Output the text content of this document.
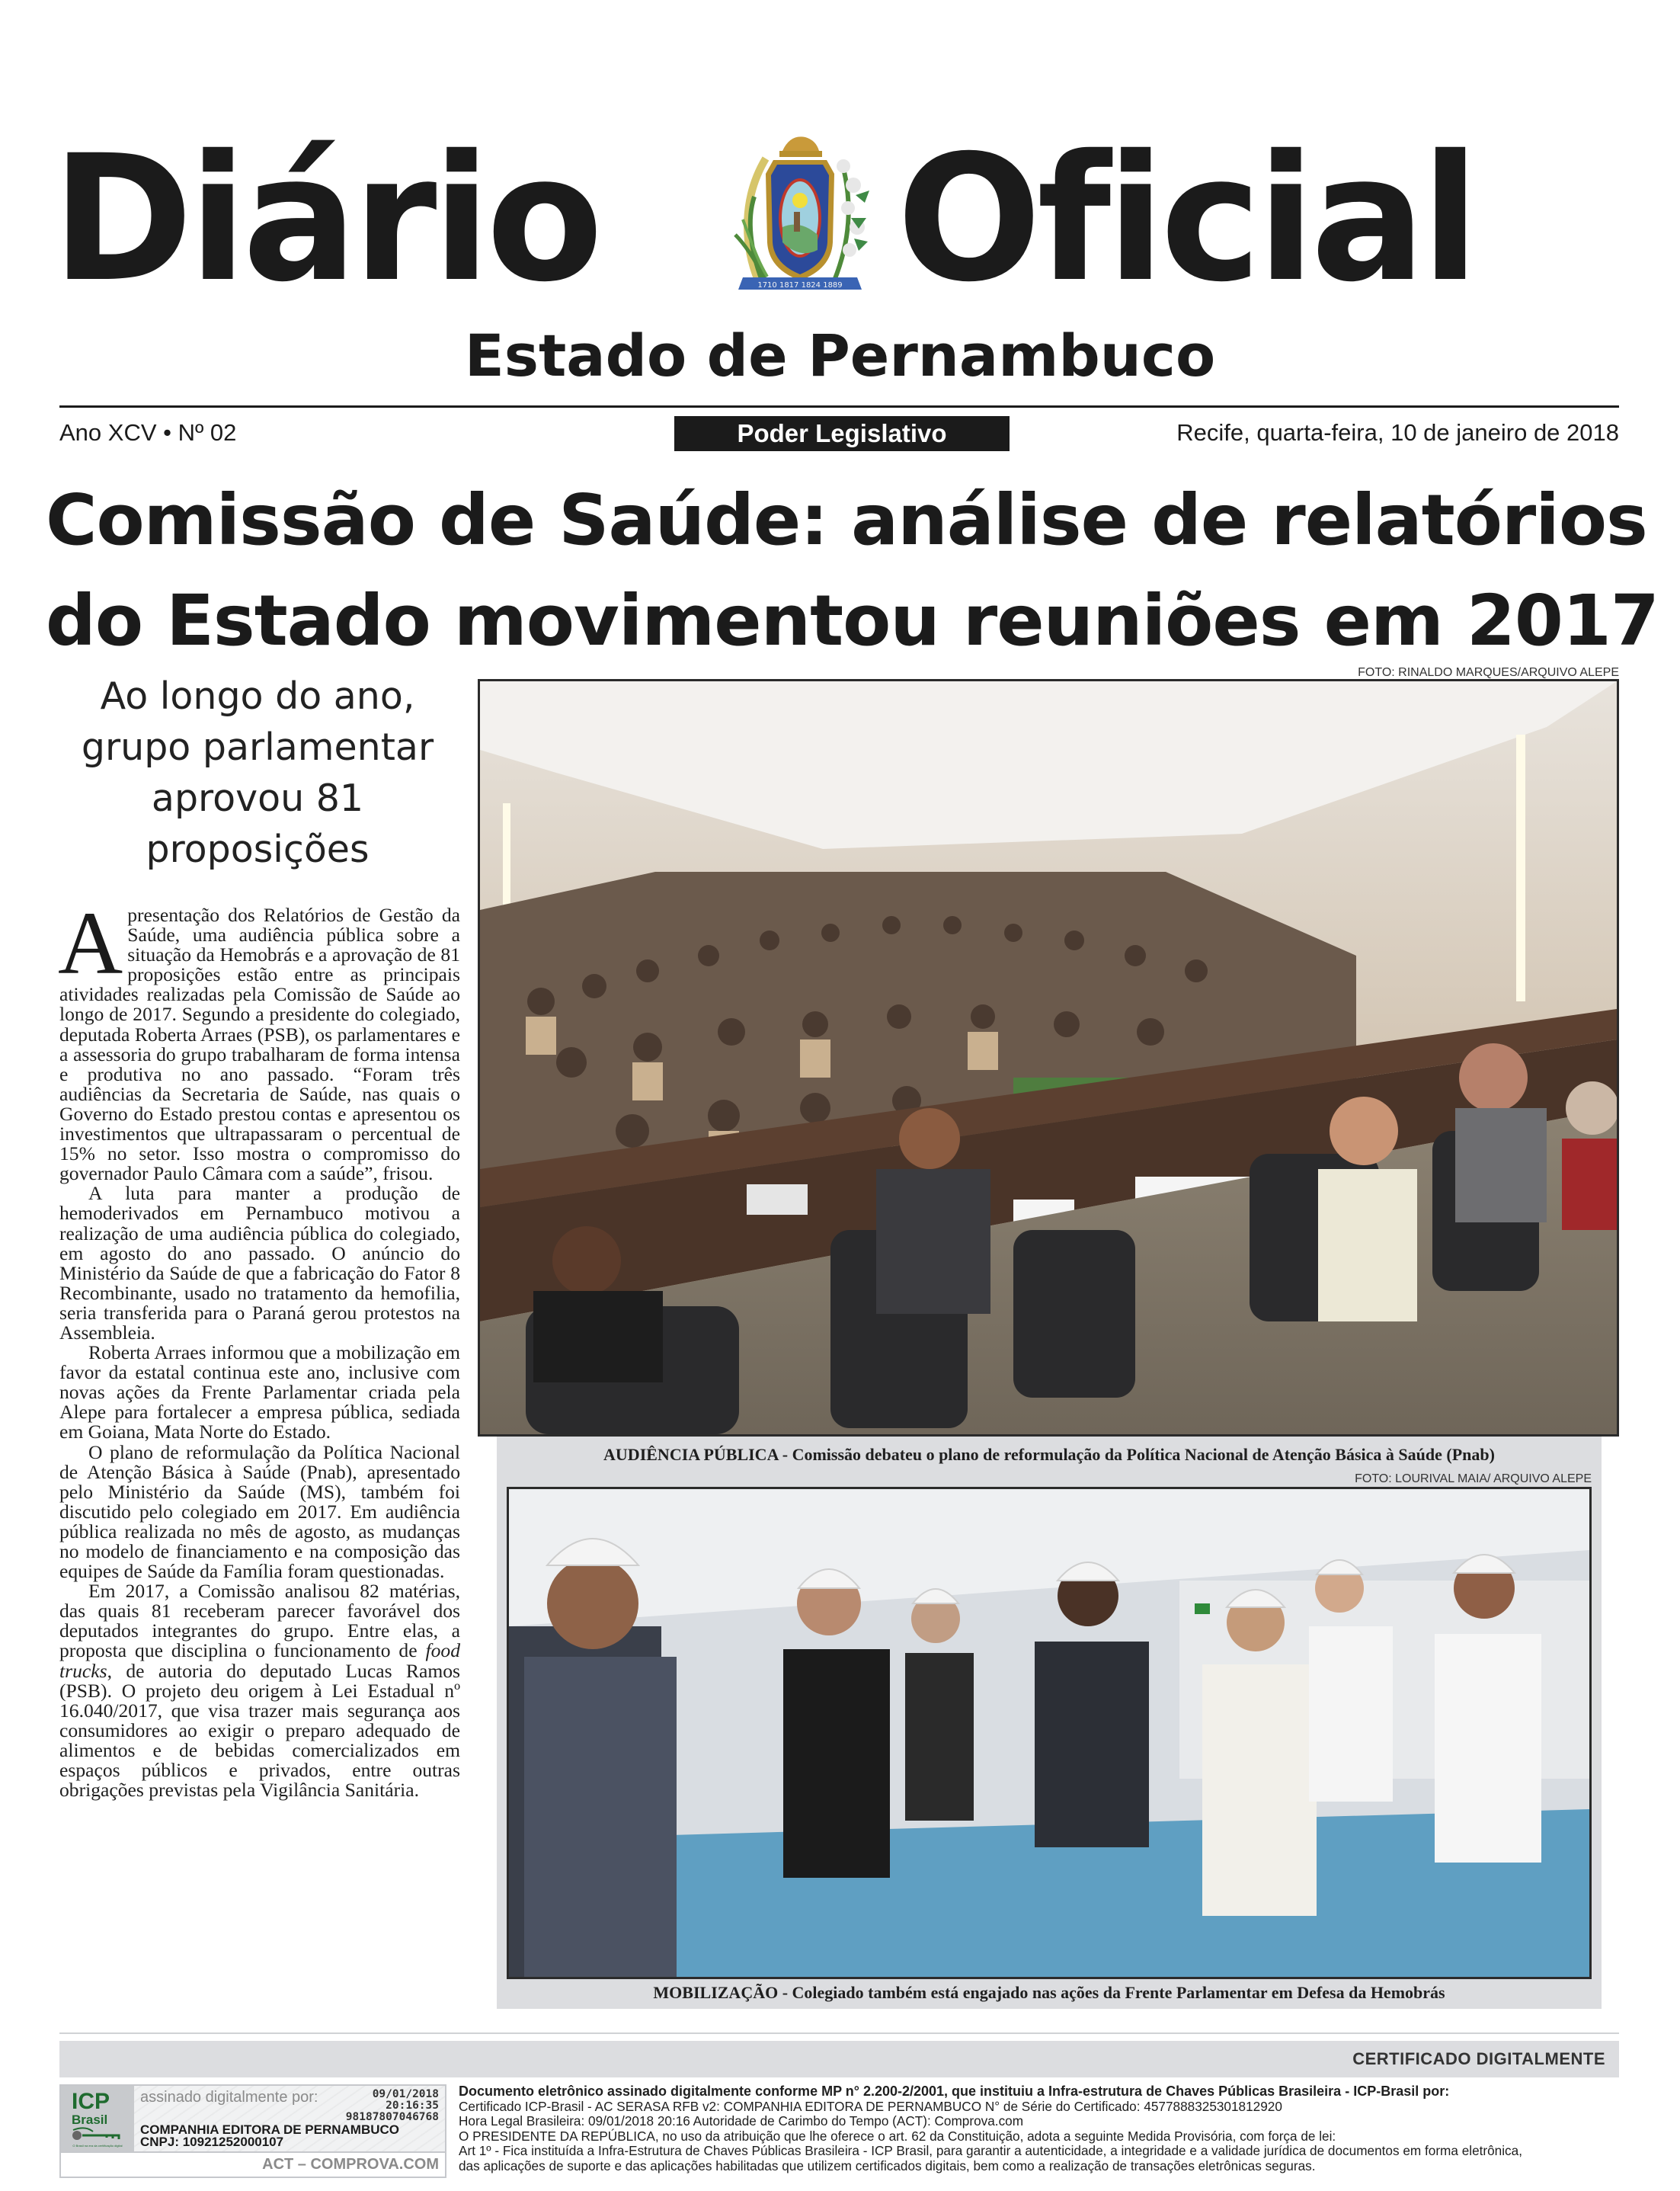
Diário	1710 1817 1824 1889 Oficial
Estado de Pernambuco
Ano XCV • Nº 02	Poder Legislativo	Recife, quarta-feira, 10 de janeiro de 2018
Comissão de Saúde: análise de relatórios
do Estado movimentou reuniões em 2017
FOTO: RINALDO MARQUES/ARQUIVO ALEPE
AUDIÊNCIA PÚBLICA - Comissão debateu o plano de reformulação da Política Nacional de Atenção Básica à Saúde (Pnab)
FOTO: LOURIVAL MAIA/ ARQUIVO ALEPE
MOBILIZAÇÃO - Colegiado também está engajado nas ações da Frente Parlamentar em Defesa da Hemobrás
Ao longo do ano, grupo parlamentar aprovou 81 proposições

Apresentação dos Relatórios de Gestão da Saúde, uma audiência pública sobre a situação da Hemobrás e a aprovação de 81 proposições estão entre as principais atividades realizadas pela Comissão de Saúde ao longo de 2017. Segundo a presidente do colegiado, deputada Roberta Arraes (PSB), os parlamentares e a assessoria do grupo trabalharam de forma intensa e produtiva no ano passado. “Foram três audiências da Secretaria de Saúde, nas quais o Governo do Estado prestou contas e apresentou os investimentos que ultrapassaram o percentual de 15% no setor. Isso mostra o compromisso do governador Paulo Câmara com a saúde”, frisou.

A luta para manter a produção de hemoderivados em Pernambuco motivou a realização de uma audiência pública do colegiado, em agosto do ano passado. O anúncio do Ministério da Saúde de que a fabricação do Fator 8 Recombinante, usado no tratamento da hemofilia, seria transferida para o Paraná gerou protestos na Assembleia.

Roberta Arraes informou que a mobilização em favor da estatal continua este ano, inclusive com novas ações da Frente Parlamentar criada pela Alepe para fortalecer a empresa pública, sediada em Goiana, Mata Norte do Estado.

O plano de reformulação da Política Nacional de Atenção Básica à Saúde (Pnab), apresentado pelo Ministério da Saúde (MS), também foi discutido pelo colegiado em 2017. Em audiência pública realizada no mês de agosto, as mudanças no modelo de financiamento e na composição das equipes de Saúde da Família foram questionadas.

Em 2017, a Comissão analisou 82 matérias, das quais 81 receberam parecer favorável dos deputados integrantes do grupo. Entre elas, a proposta que disciplina o funcionamento de food trucks, de autoria do deputado Lucas Ramos (PSB). O projeto deu origem à Lei Estadual nº 16.040/2017, que visa trazer mais segurança aos consumidores ao exigir o preparo adequado de alimentos e de bebidas comercializados em espaços públicos e privados, entre outras obrigações previstas pela Vigilância Sanitária.

CERTIFICADO DIGITALMENTE
ICP
Brasil
O Brasil na era da certificação digital
assinado digitalmente por:	09/01/2018
20:16:35
98187807046768
COMPANHIA EDITORA DE PERNAMBUCO
CNPJ: 10921252000107
ACT – COMPROVA.COM
Documento eletrônico assinado digitalmente conforme MP n° 2.200-2/2001, que instituiu a Infra-estrutura de Chaves Públicas Brasileira - ICP-Brasil por:
Certificado ICP-Brasil - AC SERASA RFB v2: COMPANHIA EDITORA DE PERNAMBUCO N° de Série do Certificado: 4577888325301812920
Hora Legal Brasileira: 09/01/2018 20:16 Autoridade de Carimbo do Tempo (ACT): Comprova.com
O PRESIDENTE DA REPÚBLICA, no uso da atribuição que lhe oferece o art. 62 da Constituição, adota a seguinte Medida Provisória, com força de lei:
Art 1º - Fica instituída a Infra-Estrutura de Chaves Públicas Brasileira - ICP Brasil, para garantir a autenticidade, a integridade e a validade jurídica de documentos em forma eletrônica,
das aplicações de suporte e das aplicações habilitadas que utilizem certificados digitais, bem como a realização de transações eletrônicas seguras.
